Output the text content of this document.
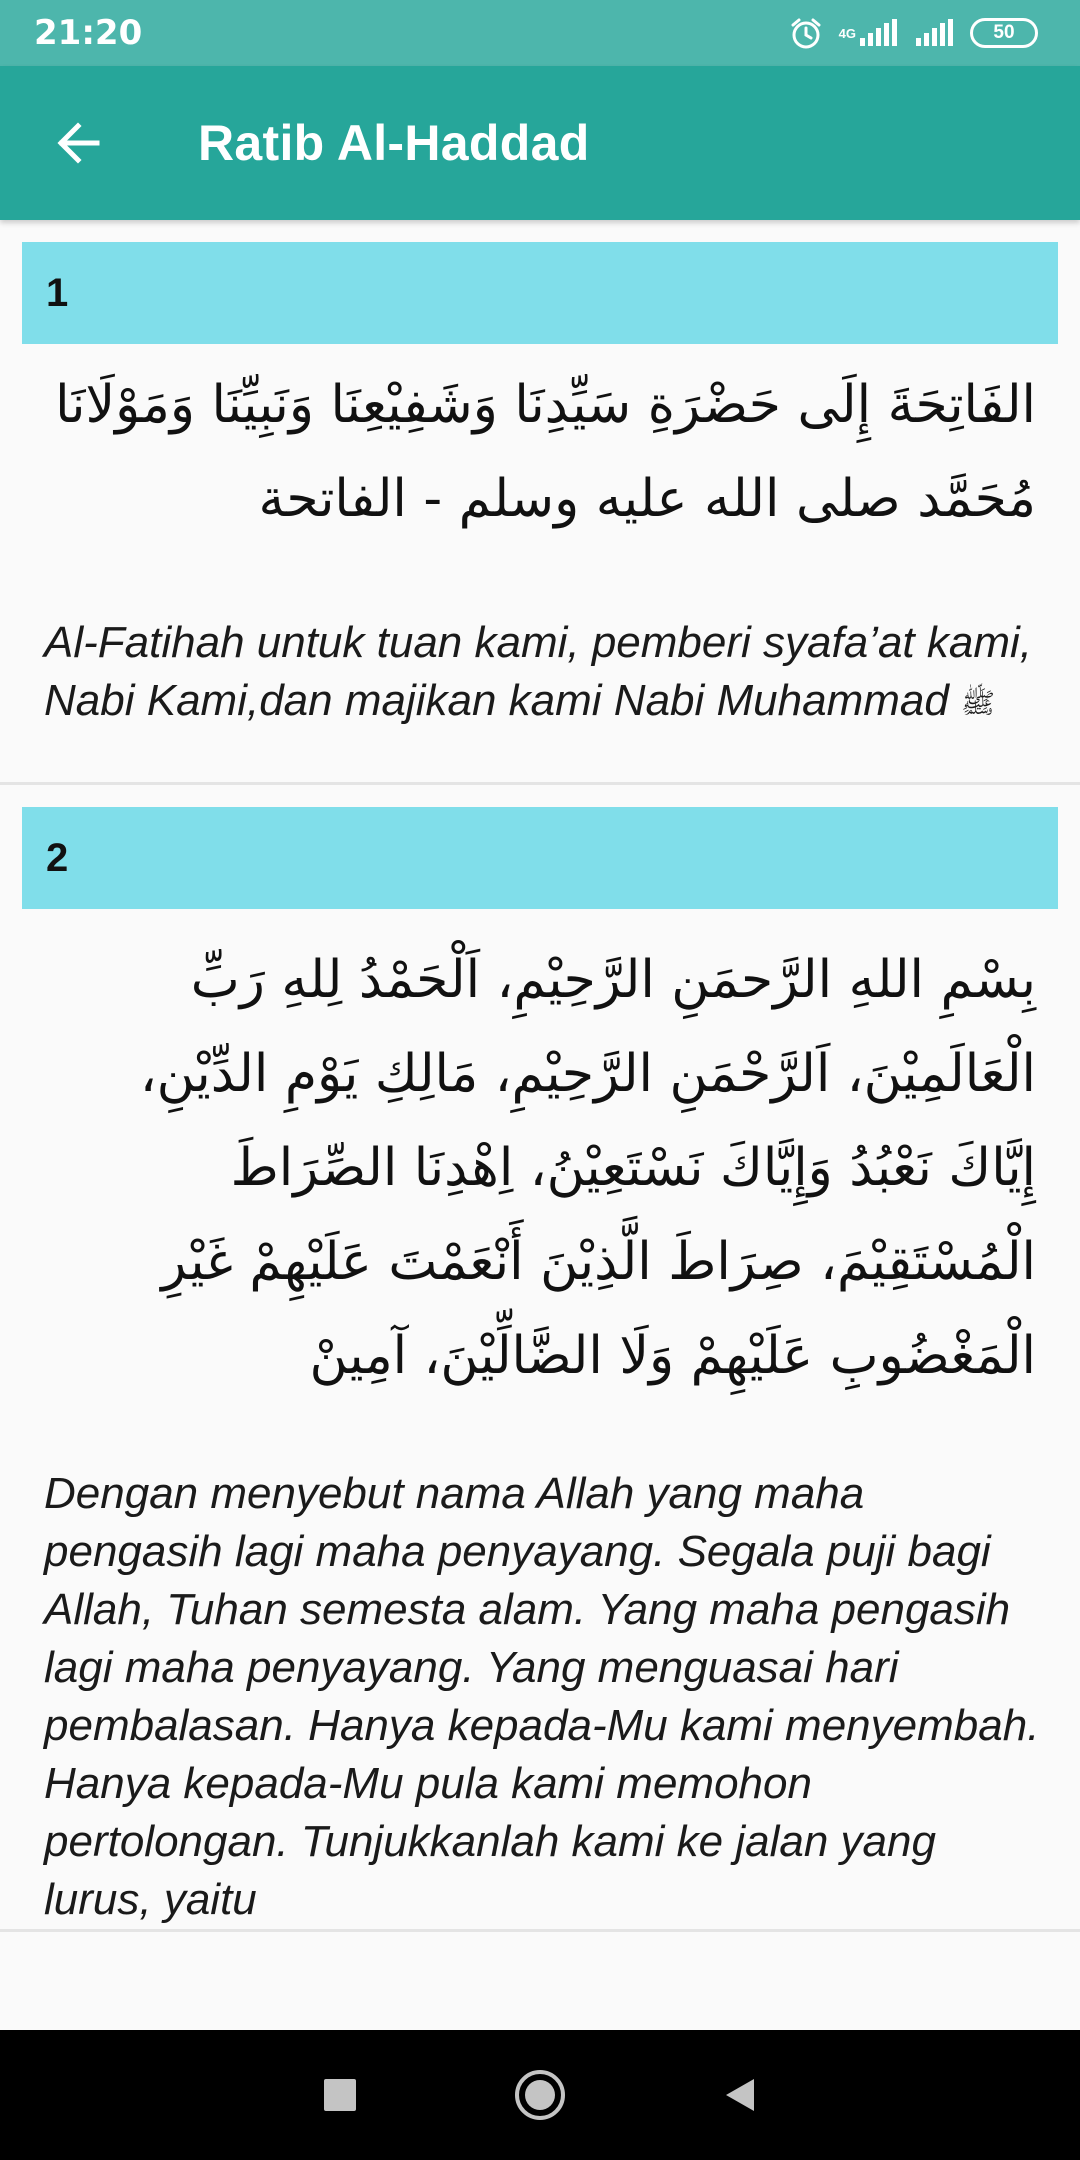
21:20	4G	50
Ratib Al-Haddad
1
الفَاتِحَةَ إِلَى حَضْرَةِ سَيِّدِنَا وَشَفِيْعِنَا وَنَبِيِّنَا وَمَوْلَانَا مُحَمَّد صلى الله عليه وسلم - الفاتحة
Al-Fatihah untuk tuan kami, pemberi syafa’at kami, Nabi Kami,dan majikan kami Nabi Muhammad ﷺ
2
بِسْمِ اللهِ الرَّحمَنِ الرَّحِيْمِ، اَلْحَمْدُ لِلهِ رَبِّ الْعَالَمِيْنَ، اَلرَّحْمَنِ الرَّحِيْمِ، مَالِكِ يَوْمِ الدِّيْنِ، إِيَّاكَ نَعْبُدُ وَإِيَّاكَ نَسْتَعِيْنُ، اِهْدِنَا الصِّرَاطَ الْمُسْتَقِيْمَ، صِرَاطَ الَّذِيْنَ أَنْعَمْتَ عَلَيْهِمْ غَيْرِ الْمَغْضُوبِ عَلَيْهِمْ وَلَا الضَّالِّيْنَ، آمِينْ
Dengan menyebut nama Allah yang maha pengasih lagi maha penyayang. Segala puji bagi Allah, Tuhan semesta alam. Yang maha pengasih lagi maha penyayang. Yang menguasai hari pembalasan. Hanya kepada-Mu kami menyembah. Hanya kepada-Mu pula kami memohon pertolongan. Tunjukkanlah kami ke jalan yang lurus, yaitu
